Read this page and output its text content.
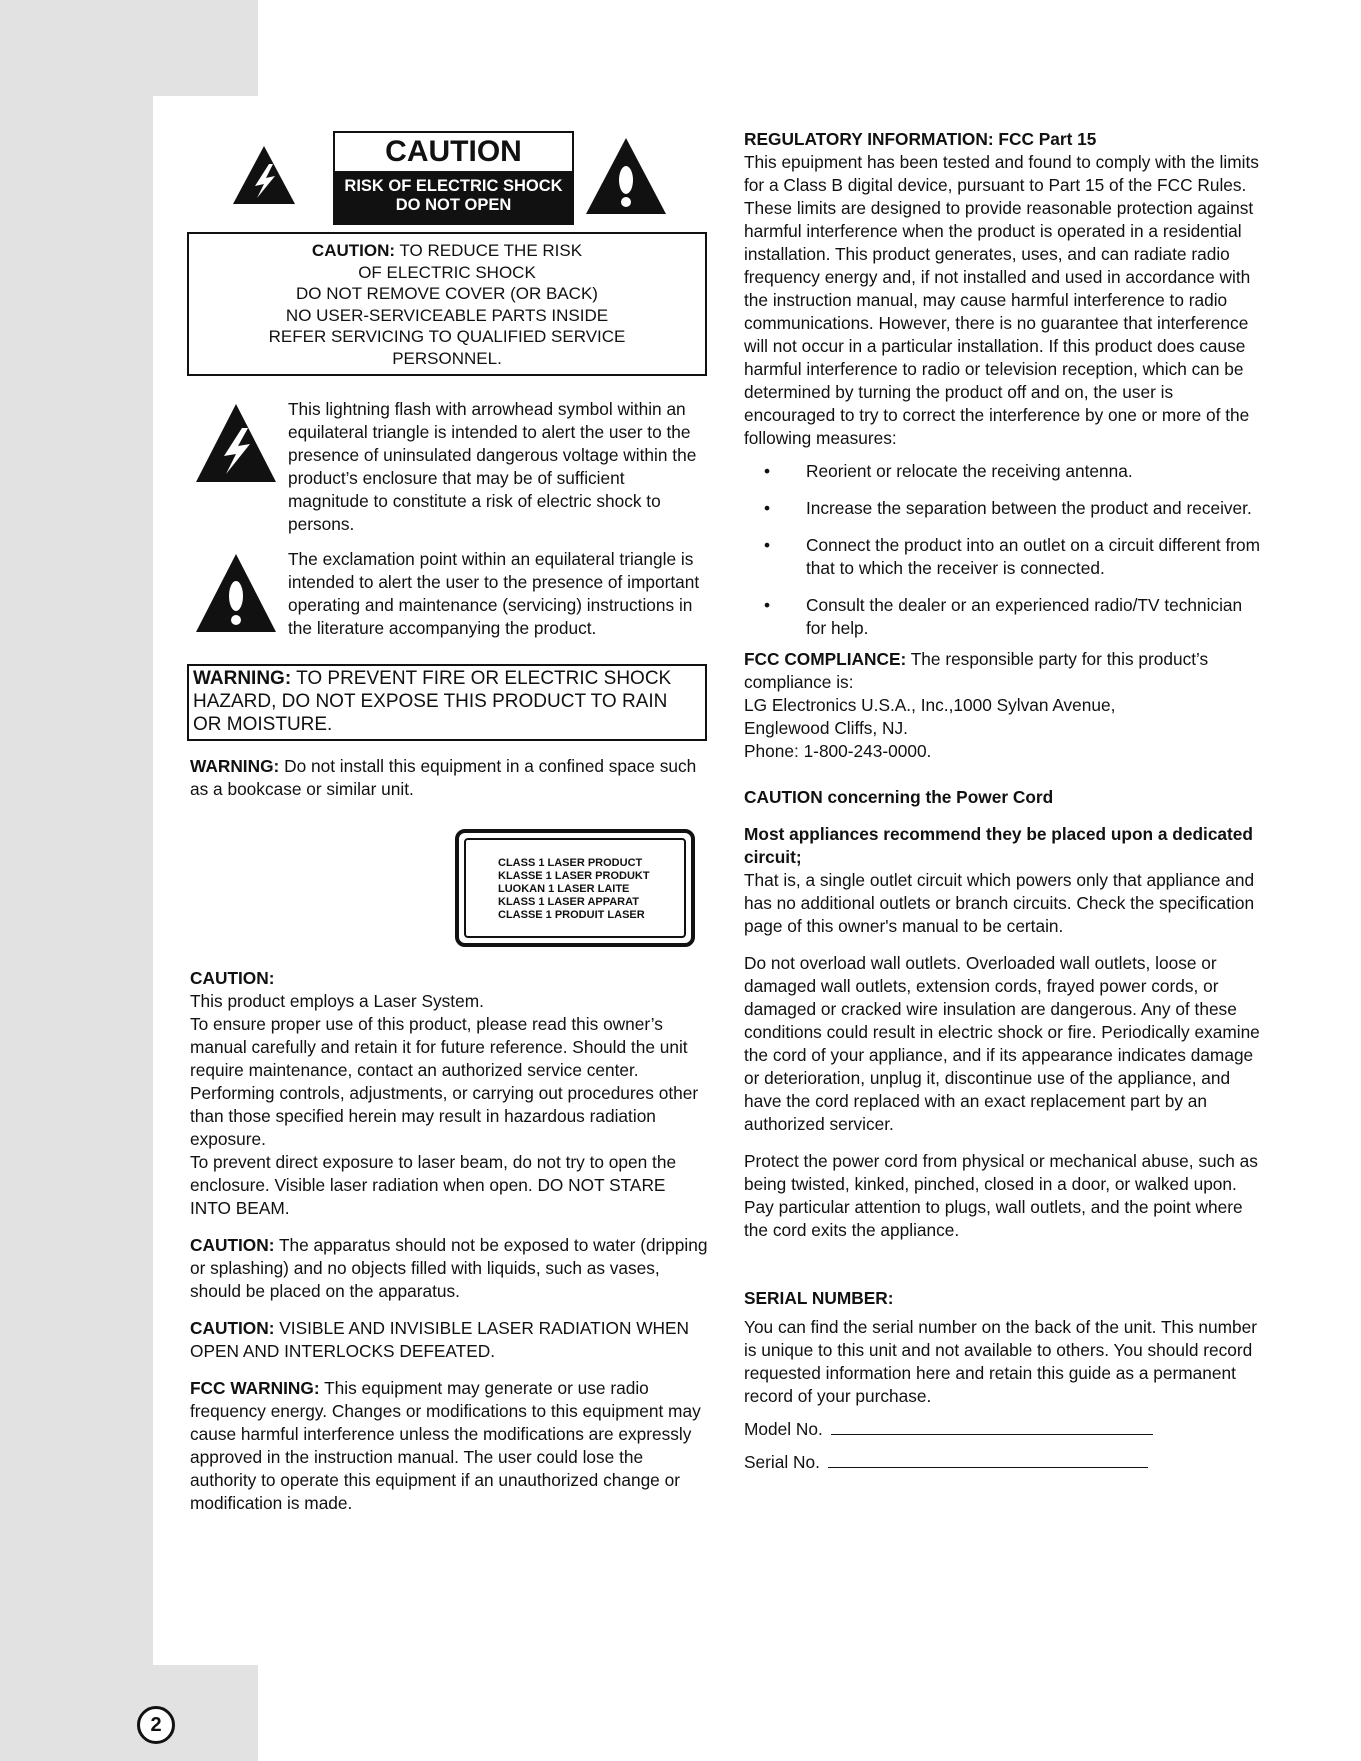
2
CAUTION
RISK OF ELECTRIC SHOCK
DO NOT OPEN
CAUTION: TO REDUCE THE RISK
OF ELECTRIC SHOCK
DO NOT REMOVE COVER (OR BACK)
NO USER-SERVICEABLE PARTS INSIDE
REFER SERVICING TO QUALIFIED SERVICE
PERSONNEL.

This lightning flash with arrowhead symbol within an equilateral triangle is intended to alert the user to the presence of uninsulated dangerous voltage within the product’s enclosure that may be of sufficient magnitude to constitute a risk of electric shock to persons.

The exclamation point within an equilateral triangle is intended to alert the user to the presence of important operating and maintenance (servicing) instructions in the literature accompanying the product.

WARNING: TO PREVENT FIRE OR ELECTRIC SHOCK HAZARD, DO NOT EXPOSE THIS PRODUCT TO RAIN OR MOISTURE.

WARNING: Do not install this equipment in a confined space such as a bookcase or similar unit.

CLASS 1 LASER PRODUCT
KLASSE 1 LASER PRODUKT
LUOKAN 1 LASER LAITE
KLASS 1 LASER APPARAT
CLASSE 1 PRODUIT LASER

CAUTION:

This product employs a Laser System.

To ensure proper use of this product, please read this owner’s manual carefully and retain it for future reference. Should the unit require maintenance, contact an authorized service center.

Performing controls, adjustments, or carrying out procedures other than those specified herein may result in hazardous radiation exposure.

To prevent direct exposure to laser beam, do not try to open the enclosure. Visible laser radiation when open. DO NOT STARE INTO BEAM.

CAUTION: The apparatus should not be exposed to water (dripping or splashing) and no objects filled with liquids, such as vases, should be placed on the apparatus.

CAUTION: VISIBLE AND INVISIBLE LASER RADIATION WHEN OPEN AND INTERLOCKS DEFEATED.

FCC WARNING: This equipment may generate or use radio frequency energy. Changes or modifications to this equipment may cause harmful interference unless the modifications are expressly approved in the instruction manual. The user could lose the authority to operate this equipment if an unauthorized change or modification is made.

REGULATORY INFORMATION: FCC Part 15

This epuipment has been tested and found to comply with the limits for a Class B digital device, pursuant to Part 15 of the FCC Rules. These limits are designed to provide reasonable protection against harmful interference when the product is operated in a residential installation. This product generates, uses, and can radiate radio frequency energy and, if not installed and used in accordance with the instruction manual, may cause harmful interference to radio communications. However, there is no guarantee that interference will not occur in a particular installation. If this product does cause harmful interference to radio or television reception, which can be determined by turning the product off and on, the user is encouraged to try to correct the interference by one or more of the following measures:

• Reorient or relocate the receiving antenna.
• Increase the separation between the product and receiver.
• Connect the product into an outlet on a circuit different from that to which the receiver is connected.
• Consult the dealer or an experienced radio/TV technician for help.

FCC COMPLIANCE: The responsible party for this product’s compliance is:

LG Electronics U.S.A., Inc.,1000 Sylvan Avenue,

Englewood Cliffs, NJ.

Phone: 1-800-243-0000.

CAUTION concerning the Power Cord

Most appliances recommend they be placed upon a dedicated circuit;

That is, a single outlet circuit which powers only that appliance and has no additional outlets or branch circuits. Check the specification page of this owner's manual to be certain.

Do not overload wall outlets. Overloaded wall outlets, loose or damaged wall outlets, extension cords, frayed power cords, or damaged or cracked wire insulation are dangerous. Any of these conditions could result in electric shock or fire. Periodically examine the cord of your appliance, and if its appearance indicates damage or deterioration, unplug it, discontinue use of the appliance, and have the cord replaced with an exact replacement part by an authorized servicer.

Protect the power cord from physical or mechanical abuse, such as being twisted, kinked, pinched, closed in a door, or walked upon. Pay particular attention to plugs, wall outlets, and the point where the cord exits the appliance.

SERIAL NUMBER:

You can find the serial number on the back of the unit. This number is unique to this unit and not available to others. You should record requested information here and retain this guide as a permanent record of your purchase.

Model No.

Serial No.
